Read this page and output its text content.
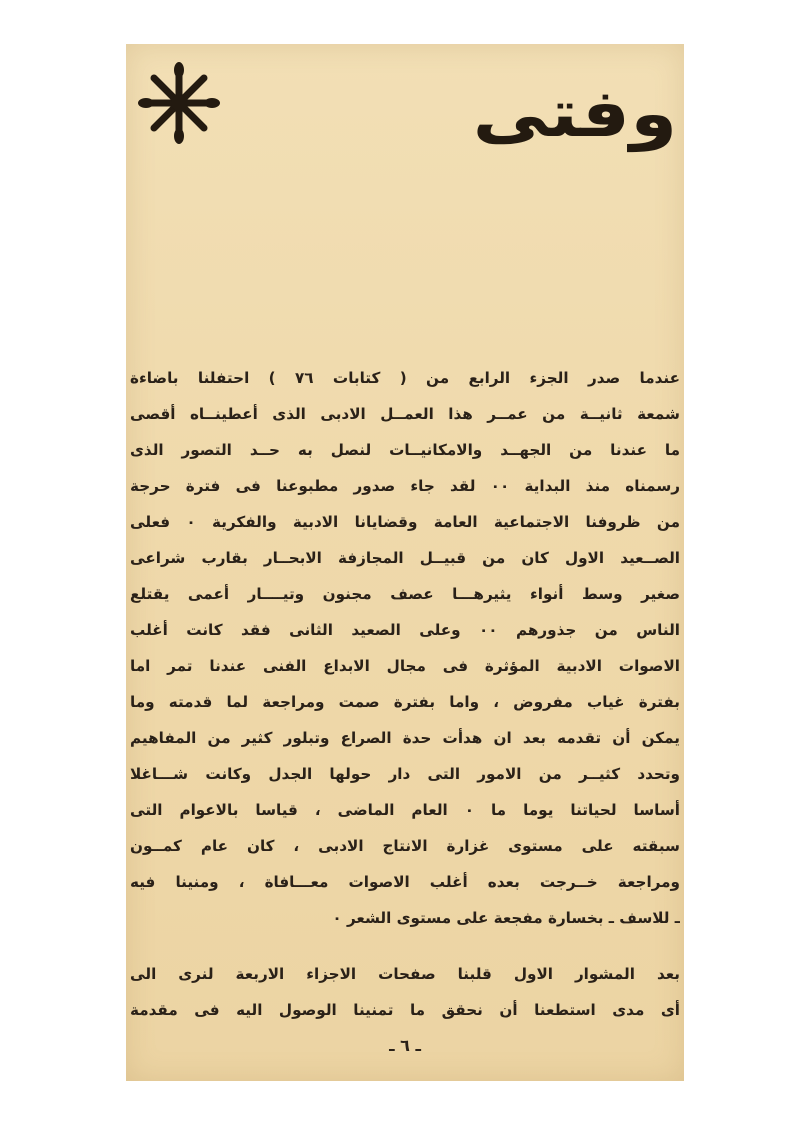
وفتى
عندما صدر الجزء الرابع من ( كتابات ٧٦ ) احتفلنا باضاءة
شمعة ثانيــة من عمــر هذا العمــل الادبى الذى أعطينــاه أقصى
ما عندنا من الجهــد والامكانيــات لنصل به حــد التصور الذى
رسمناه منذ البداية ٠٠ لقد جاء صدور مطبوعنا فى فترة حرجة
من ظروفنا الاجتماعية العامة وقضايانا الادبية والفكرية ٠ فعلى
الصــعيد الاول كان من قبيــل المجازفة الابحــار بقارب شراعى
صغير وسط أنواء يثيرهـــا عصف مجنون وتيــــار أعمى يقتلع
الناس من جذورهم ٠٠ وعلى الصعيد الثانى فقد كانت أغلب
الاصوات الادبية المؤثرة فى مجال الابداع الفنى عندنا تمر اما
بفترة غياب مفروض ، واما بفترة صمت ومراجعة لما قدمته وما
يمكن أن تقدمه بعد ان هدأت حدة الصراع وتبلور كثير من المفاهيم
وتحدد كثيــر من الامور التى دار حولها الجدل وكانت شـــاغلا
أساسا لحياتنا يوما ما ٠ العام الماضى ، قياسا بالاعوام التى
سبقته على مستوى غزارة الانتاج الادبى ، كان عام كمــون
ومراجعة خــرجت بعده أغلب الاصوات معـــافاة ، ومنينا فيه
ـ للاسف ـ بخسارة مفجعة على مستوى الشعر ٠
بعد المشوار الاول قلبنا صفحات الاجزاء الاربعة لنرى الى
أى مدى استطعنا أن نحقق ما تمنينا الوصول اليه فى مقدمة
ـ ٦ ـ
